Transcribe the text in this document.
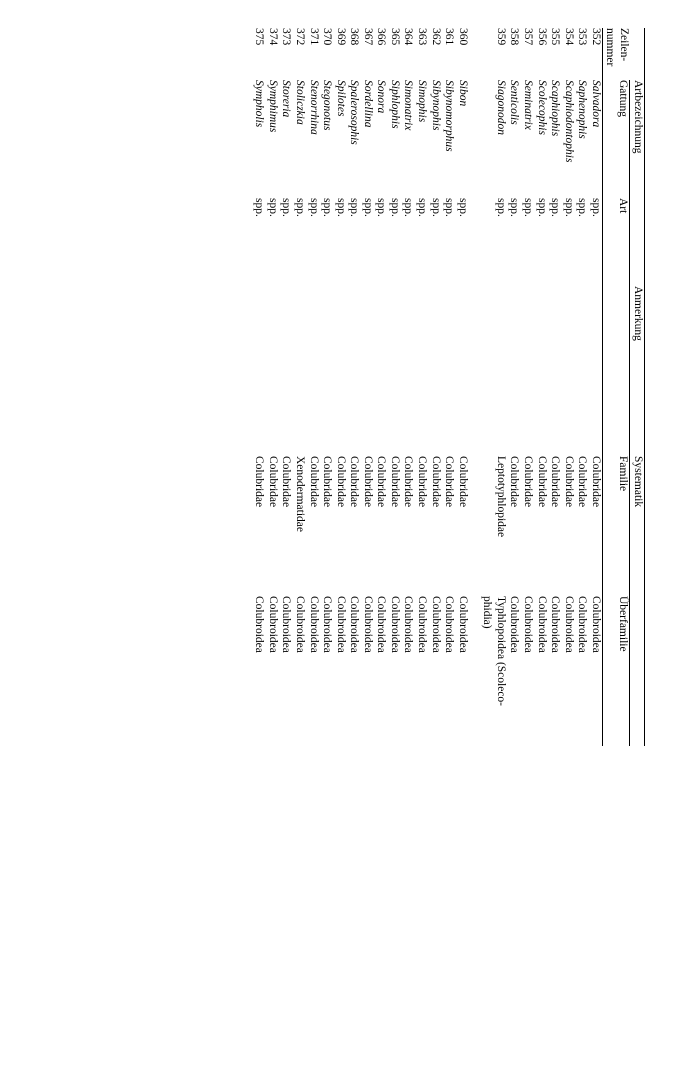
	Artbezeichnung		Anmerkung	Systematik	

Zeilen-
nummer	Gattung	Art		Familie	Überfamilie
352	Salvadora	spp.		Colubridae	Colubroidea
353	Saphenophis	spp.		Colubridae	Colubroidea
354	Scaphiodontophis	spp.		Colubridae	Colubroidea
355	Scaphiophis	spp.		Colubridae	Colubroidea
356	Scolecophis	spp.		Colubridae	Colubroidea
357	Seminatrix	spp.		Colubridae	Colubroidea
358	Senticolis	spp.		Colubridae	Colubroidea
359	Siagonodon	spp.		Leptotyphlopidae	Typhlopoidea (Scoleco-
phidia)

360	Sibon	spp.		Colubridae	Colubroidea
361	Sibynomorphus	spp.		Colubridae	Colubroidea
362	Sibynophis	spp.		Colubridae	Colubroidea
363	Simophis	spp.		Colubridae	Colubroidea
364	Simonatrix	spp.		Colubridae	Colubroidea
365	Siphlophis	spp.		Colubridae	Colubroidea
366	Sonora	spp.		Colubridae	Colubroidea
367	Sordellina	spp.		Colubridae	Colubroidea
368	Spalerosophis	spp.		Colubridae	Colubroidea
369	Spilotes	spp.		Colubridae	Colubroidea
370	Stegonotus	spp.		Colubridae	Colubroidea
371	Stenorrhina	spp.		Colubridae	Colubroidea
372	Stoliczkia	spp.		Xenodermatidae	Colubroidea
373	Storeria	spp.		Colubridae	Colubroidea
374	Symphimus	spp.		Colubridae	Colubroidea
375	Sympholis	spp.		Colubridae	Colubroidea
